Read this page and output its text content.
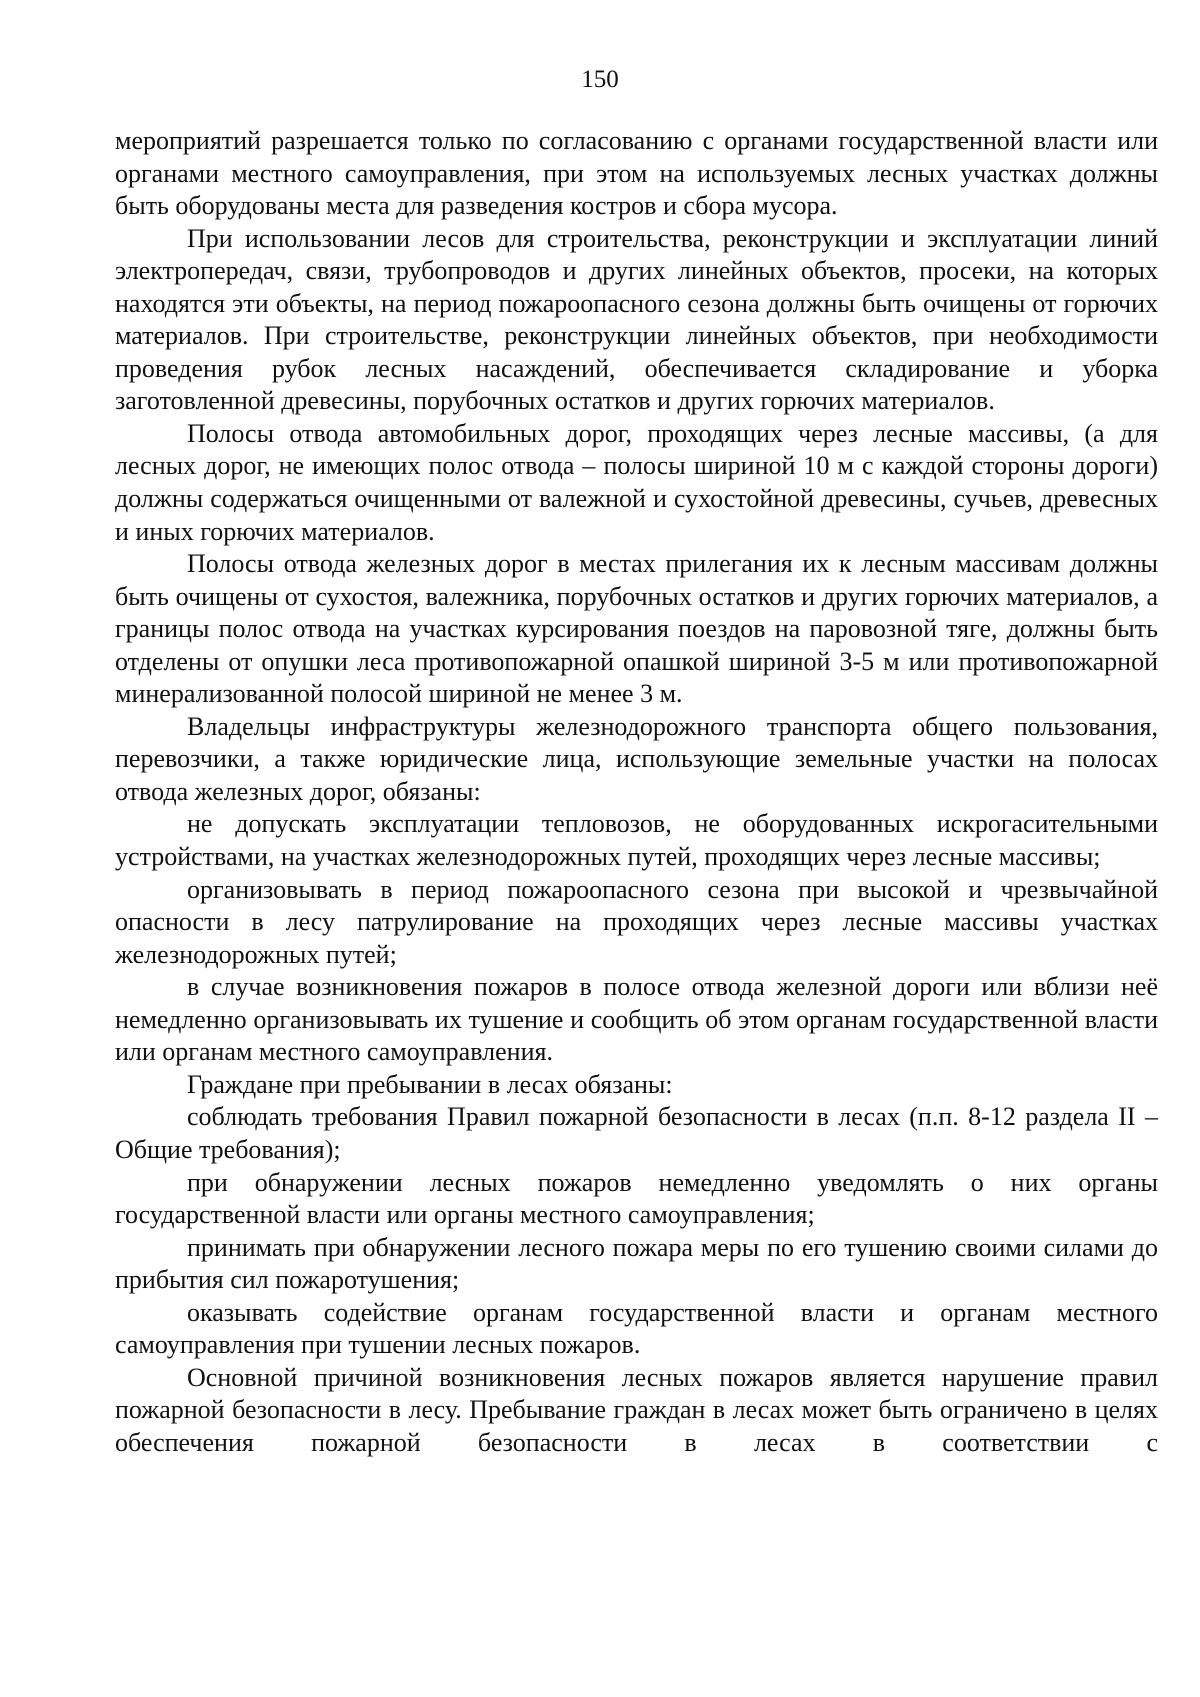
150

мероприятий разрешается только по согласованию с органами государственной власти или органами местного самоуправления, при этом на используемых лесных участках должны быть оборудованы места для разведения костров и сбора мусора.

При использовании лесов для строительства, реконструкции и эксплуатации линий электропередач, связи, трубопроводов и других линейных объектов, просеки, на которых находятся эти объекты, на период пожароопасного сезона должны быть очищены от горючих материалов. При строительстве, реконструкции линейных объектов, при необходимости проведения рубок лесных насаждений, обеспечивается складирование и уборка заготовленной древесины, порубочных остатков и других горючих материалов.

Полосы отвода автомобильных дорог, проходящих через лесные массивы, (а для лесных дорог, не имеющих полос отвода – полосы шириной 10 м с каждой стороны дороги) должны содержаться очищенными от валежной и сухостойной древесины, сучьев, древесных и иных горючих материалов.

Полосы отвода железных дорог в местах прилегания их к лесным массивам должны быть очищены от сухостоя, валежника, порубочных остатков и других горючих материалов, а границы полос отвода на участках курсирования поездов на паровозной тяге, должны быть отделены от опушки леса противопожарной опашкой шириной 3-5 м или противопожарной минерализованной полосой шириной не менее 3 м.

Владельцы инфраструктуры железнодорожного транспорта общего пользования, перевозчики, а также юридические лица, использующие земельные участки на полосах отвода железных дорог, обязаны:

не допускать эксплуатации тепловозов, не оборудованных искрогасительными устройствами, на участках железнодорожных путей, проходящих через лесные массивы;

организовывать в период пожароопасного сезона при высокой и чрезвычайной опасности в лесу патрулирование на проходящих через лесные массивы участках железнодорожных путей;

в случае возникновения пожаров в полосе отвода железной дороги или вблизи неё немедленно организовывать их тушение и сообщить об этом органам государственной власти или органам местного самоуправления.

Граждане при пребывании в лесах обязаны:

соблюдать требования Правил пожарной безопасности в лесах (п.п. 8-12 раздела II – Общие требования);

при обнаружении лесных пожаров немедленно уведомлять о них органы государственной власти или органы местного самоуправления;

принимать при обнаружении лесного пожара меры по его тушению своими силами до прибытия сил пожаротушения;

оказывать содействие органам государственной власти и органам местного самоуправления при тушении лесных пожаров.

Основной причиной возникновения лесных пожаров является нарушение правил пожарной безопасности в лесу. Пребывание граждан в лесах может быть ограничено в целях обеспечения пожарной безопасности в лесах в соответствии с
